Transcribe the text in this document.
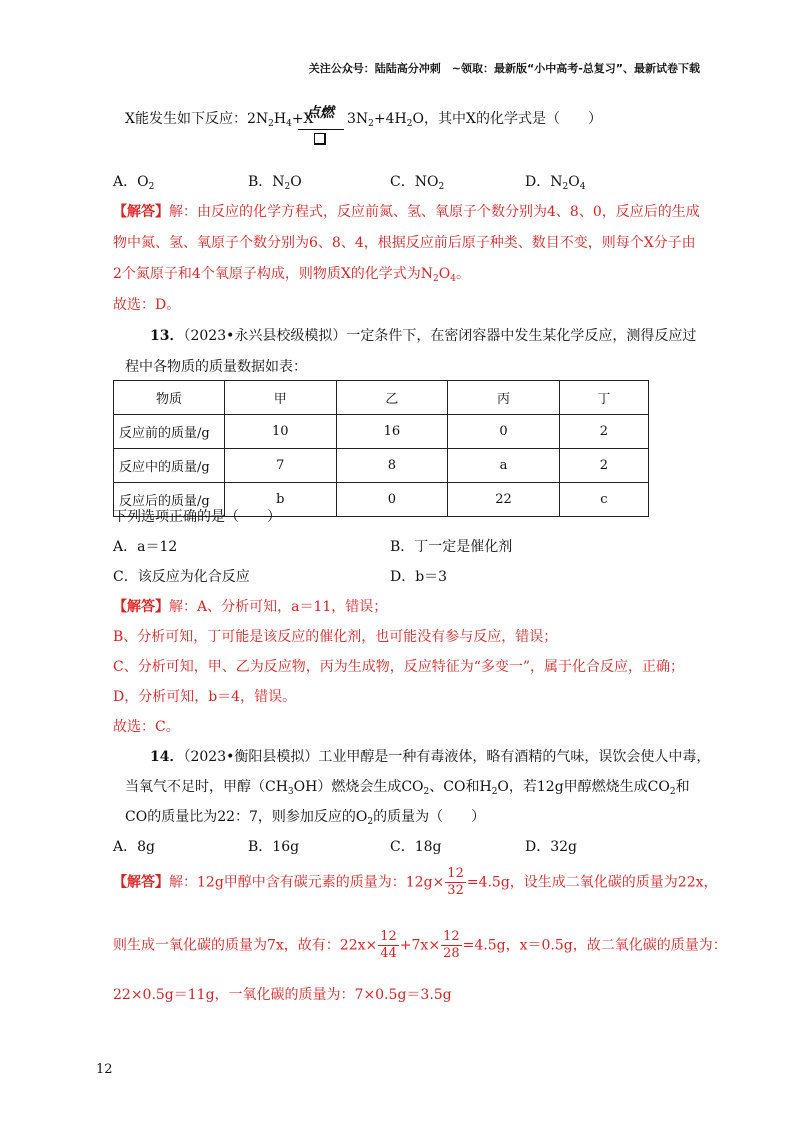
关注公众号：陆陆高分冲刺　~领取：最新版“小中高考-总复习”、最新试卷下载
X能发生如下反应：$2N_2H_4+X$
点燃 $3N_2+4H_2O$，其中X的化学式是（　　）
A．$O_2$	B．$N_2O$	C．$NO_2$	D．$N_2O_4$
【解答】解：由反应的化学方程式，反应前氮、氢、氧原子个数分别为4、8、0，反应后的生成
物中氮、氢、氧原子个数分别为6、8、4，根据反应前后原子种类、数目不变，则每个X分子由
2个氮原子和4个氧原子构成，则物质X的化学式为$N_2O_4$。
故选：D。
13．（2023•永兴县校级模拟）一定条件下，在密闭容器中发生某化学反应，测得反应过
程中各物质的质量数据如表：
物质	甲	乙	丙	丁
反应前的质量/g	10	16	0	2
反应中的质量/g	7	8	a	2
反应后的质量/g	b	0	22	c
下列选项正确的是（　　）
A．a＝12	B．丁一定是催化剂
C．该反应为化合反应	D．b＝3
【解答】解：A、分析可知，a＝11，错误；
B、分析可知，丁可能是该反应的催化剂，也可能没有参与反应，错误；
C、分析可知，甲、乙为反应物，丙为生成物，反应特征为“多变一”，属于化合反应，正确；
D，分析可知，b＝4，错误。
故选：C。
14．（2023•衡阳县模拟）工业甲醇是一种有毒液体，略有酒精的气味，误饮会使人中毒，
当氧气不足时，甲醇$(CH_3OH)$燃烧会生成$CO_2$、CO和$H_2O$，若12g甲醇燃烧生成$CO_2$和
CO的质量比为22：7，则参加反应的$O_2$的质量为（　　）
A．8g	B．16g	C．18g	D．32g
【解答】解：12g甲醇中含有碳元素的质量为：$12g\times \frac{12}{32} =4.5g$，设生成二氧化碳的质量为22x，
则生成一氧化碳的质量为7x，故有：$22x\times \frac{12}{44} +7x\times \frac{12}{28} =4.5g$，x＝0.5g，故二氧化碳的质量为：
22×0.5g＝11g，一氧化碳的质量为：7×0.5g＝3.5g
12
